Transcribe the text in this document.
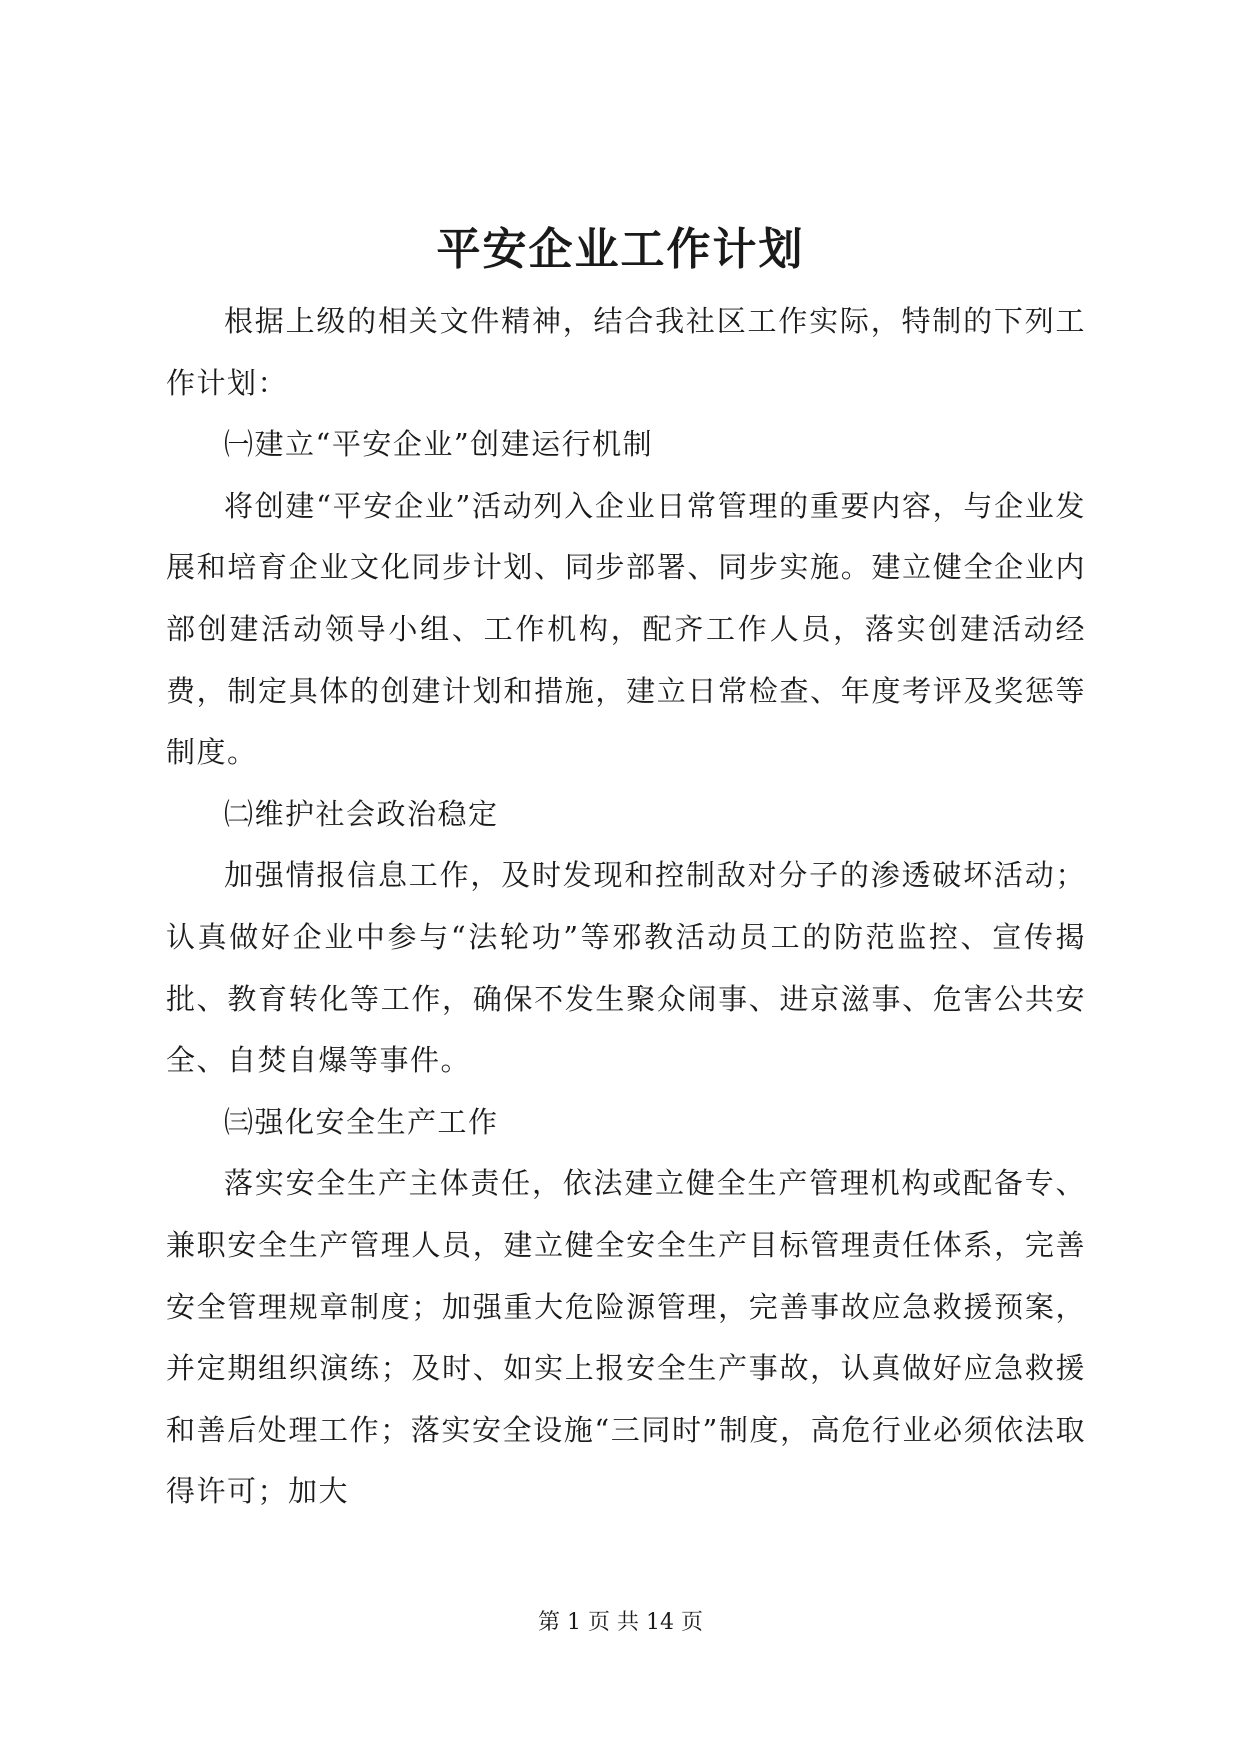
平安企业工作计划

根据上级的相关文件精神，结合我社区工作实际，特制的下列工作计划：

㈠建立“平安企业”创建运行机制

将创建“平安企业”活动列入企业日常管理的重要内容，与企业发展和培育企业文化同步计划、同步部署、同步实施。建立健全企业内部创建活动领导小组、工作机构，配齐工作人员，落实创建活动经费，制定具体的创建计划和措施，建立日常检查、年度考评及奖惩等制度。

㈡维护社会政治稳定

加强情报信息工作，及时发现和控制敌对分子的渗透破坏活动；认真做好企业中参与“法轮功”等邪教活动员工的防范监控、宣传揭批、教育转化等工作，确保不发生聚众闹事、进京滋事、危害公共安全、自焚自爆等事件。

㈢强化安全生产工作

落实安全生产主体责任，依法建立健全生产管理机构或配备专、兼职安全生产管理人员，建立健全安全生产目标管理责任体系，完善安全管理规章制度；加强重大危险源管理，完善事故应急救援预案，并定期组织演练；及时、如实上报安全生产事故，认真做好应急救援和善后处理工作；落实安全设施“三同时”制度，高危行业必须依法取得许可；加大

第 1 页 共 14 页
